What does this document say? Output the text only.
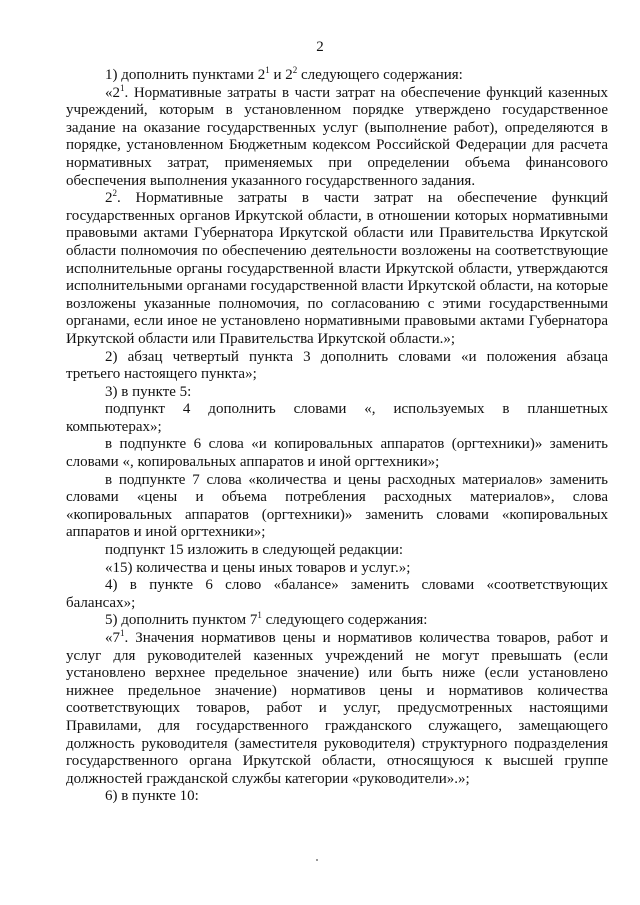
2

1) дополнить пунктами $2^1$ и $2^2$ следующего содержания:

«$2^1$. Нормативные затраты в части затрат на обеспечение функций казенных учреждений, которым в установленном порядке утверждено государственное задание на оказание государственных услуг (выполнение работ), определяются в порядке, установленном Бюджетным кодексом Российской Федерации для расчета нормативных затрат, применяемых при определении объема финансового обеспечения выполнения указанного государственного задания.

$2^2$. Нормативные затраты в части затрат на обеспечение функций государственных органов Иркутской области, в отношении которых нормативными правовыми актами Губернатора Иркутской области или Правительства Иркутской области полномочия по обеспечению деятельности возложены на соответствующие исполнительные органы государственной власти Иркутской области, утверждаются исполнительными органами государственной власти Иркутской области, на которые возложены указанные полномочия, по согласованию с этими государственными органами, если иное не установлено нормативными правовыми актами Губернатора Иркутской области или Правительства Иркутской области.»;

2) абзац четвертый пункта 3 дополнить словами «и положения абзаца третьего настоящего пункта»;

3) в пункте 5:

подпункт 4 дополнить словами «, используемых в планшетных компьютерах»;

в подпункте 6 слова «и копировальных аппаратов (оргтехники)» заменить словами «, копировальных аппаратов и иной оргтехники»;

в подпункте 7 слова «количества и цены расходных материалов» заменить словами «цены и объема потребления расходных материалов», слова «копировальных аппаратов (оргтехники)» заменить словами «копировальных аппаратов и иной оргтехники»;

подпункт 15 изложить в следующей редакции:

«15) количества и цены иных товаров и услуг.»;

4) в пункте 6 слово «балансе» заменить словами «соответствующих балансах»;

5) дополнить пунктом $7^1$ следующего содержания:

«$7^1$. Значения нормативов цены и нормативов количества товаров, работ и услуг для руководителей казенных учреждений не могут превышать (если установлено верхнее предельное значение) или быть ниже (если установлено нижнее предельное значение) нормативов цены и нормативов количества соответствующих товаров, работ и услуг, предусмотренных настоящими Правилами, для государственного гражданского служащего, замещающего должность руководителя (заместителя руководителя) структурного подразделения государственного органа Иркутской области, относящуюся к высшей группе должностей гражданской службы категории «руководители».»;

6) в пункте 10:
